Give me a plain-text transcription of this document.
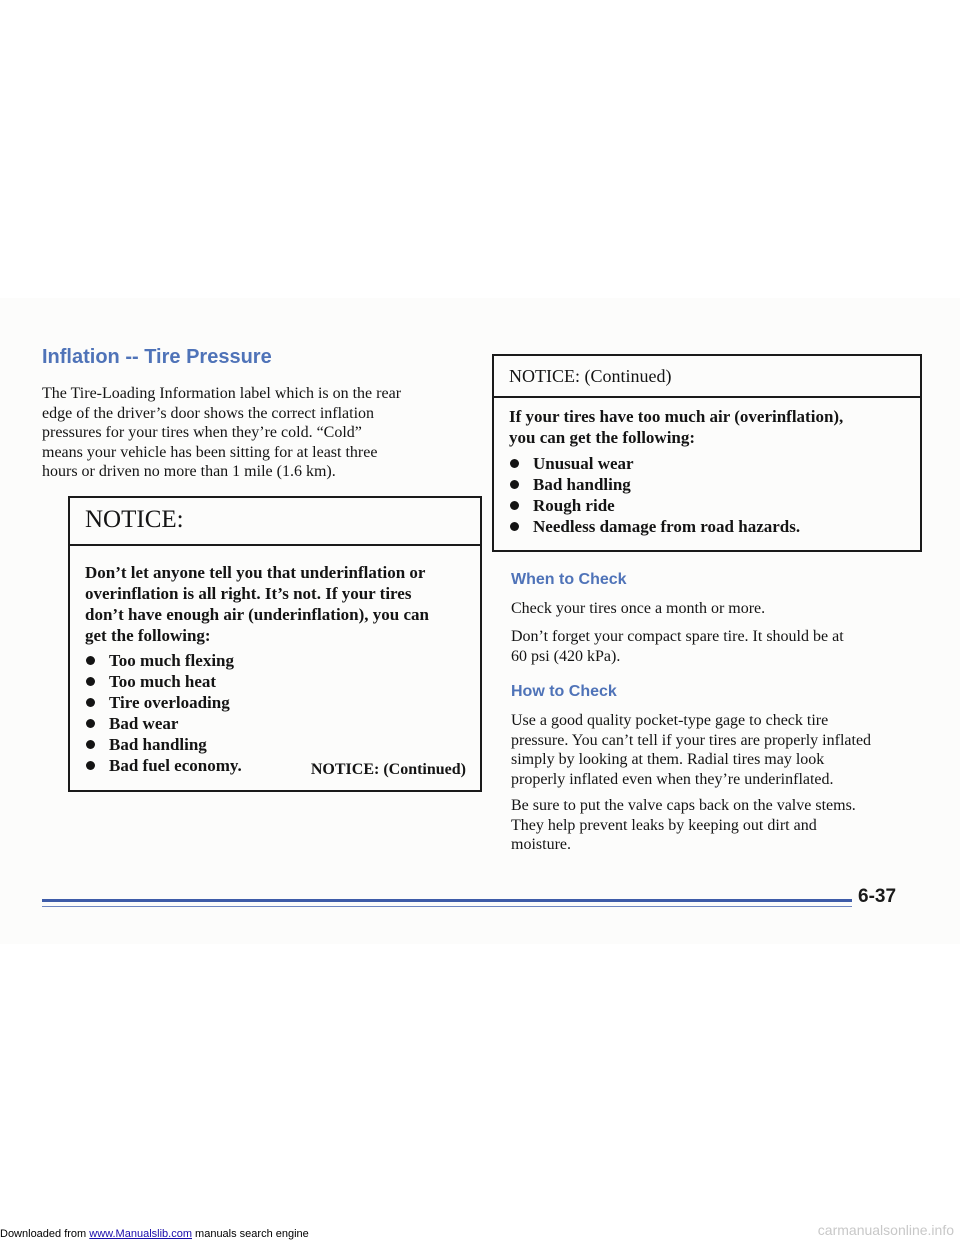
Inflation -- Tire Pressure
The Tire-Loading Information label which is on the rear
edge of the driver’s door shows the correct inflation
pressures for your tires when they’re cold. “Cold”
means your vehicle has been sitting for at least three
hours or driven no more than 1 mile (1.6 km).
NOTICE:
Don’t let anyone tell you that underinflation or
overinflation is all right. It’s not. If your tires
don’t have enough air (underinflation), you can
get the following:
Too much flexing
Too much heat
Tire overloading
Bad wear
Bad handling
Bad fuel economy.	NOTICE: (Continued)

NOTICE: (Continued)
If your tires have too much air (overinflation),
you can get the following:
Unusual wear
Bad handling
Rough ride
Needless damage from road hazards.
When to Check

Check your tires once a month or more.

Don’t forget your compact spare tire. It should be at
60 psi (420 kPa).
How to Check
Use a good quality pocket-type gage to check tire
pressure. You can’t tell if your tires are properly inflated
simply by looking at them. Radial tires may look
properly inflated even when they’re underinflated.
Be sure to put the valve caps back on the valve stems.
They help prevent leaks by keeping out dirt and
moisture.

6-37

Downloaded from www.Manualslib.com manuals search engine	carmanualsonline.info
